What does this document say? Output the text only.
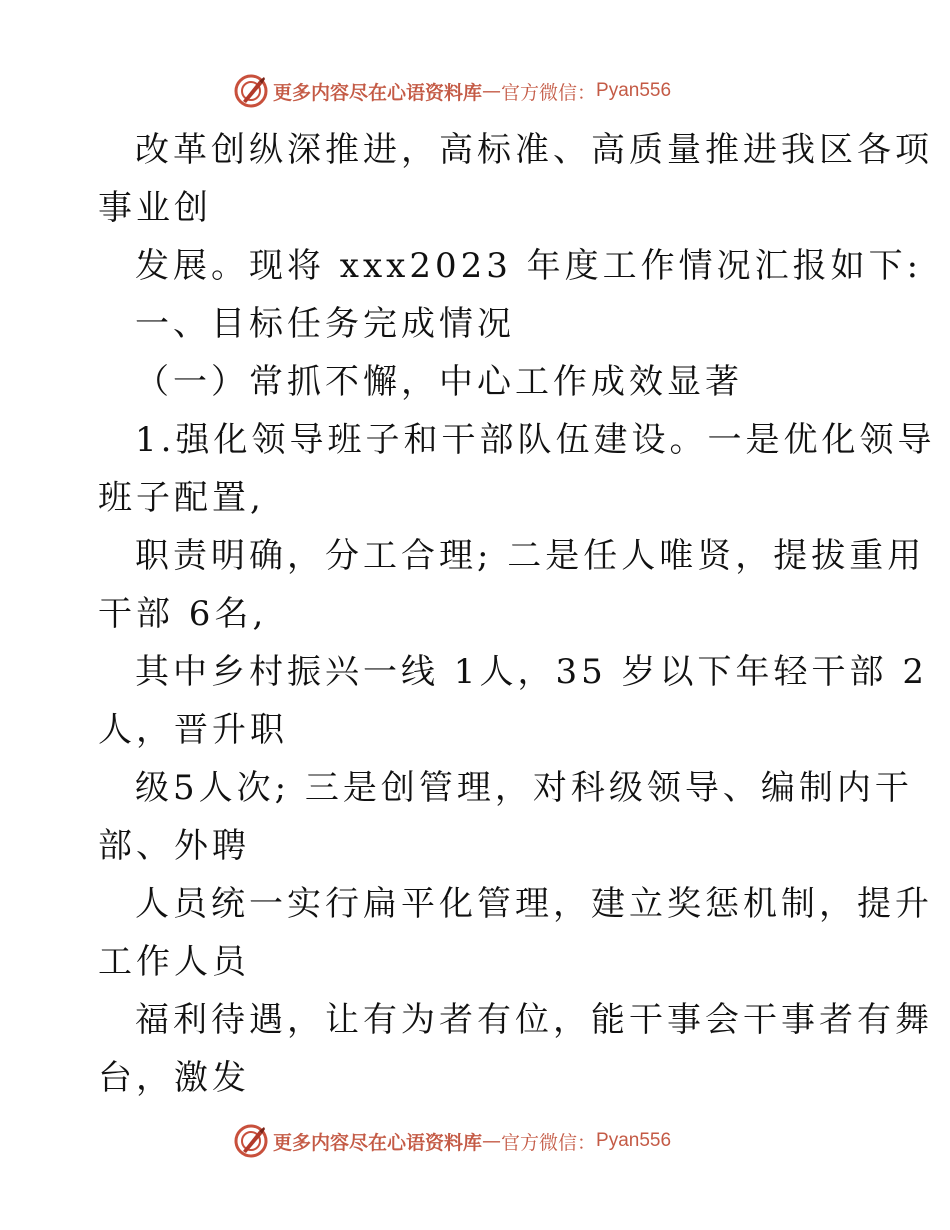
更多内容尽在心语资料库 — 官方微信： Pyan556
改革创纵深推进，高标准、高质量推进我区各项
事业创
发展。现将 xxx2023 年度工作情况汇报如下:
一、目标任务完成情况
（一）常抓不懈，中心工作成效显著
1.强化领导班子和干部队伍建设。一是优化领导
班子配置,
职责明确，分工合理; 二是任人唯贤，提拔重用
干部 6名,
其中乡村振兴一线 1人，35 岁以下年轻干部 2
人，晋升职
级5人次; 三是创管理，对科级领导、编制内干
部、外聘
人员统一实行扁平化管理，建立奖惩机制，提升
工作人员
福利待遇，让有为者有位，能干事会干事者有舞
台，激发
更多内容尽在心语资料库 — 官方微信： Pyan556
